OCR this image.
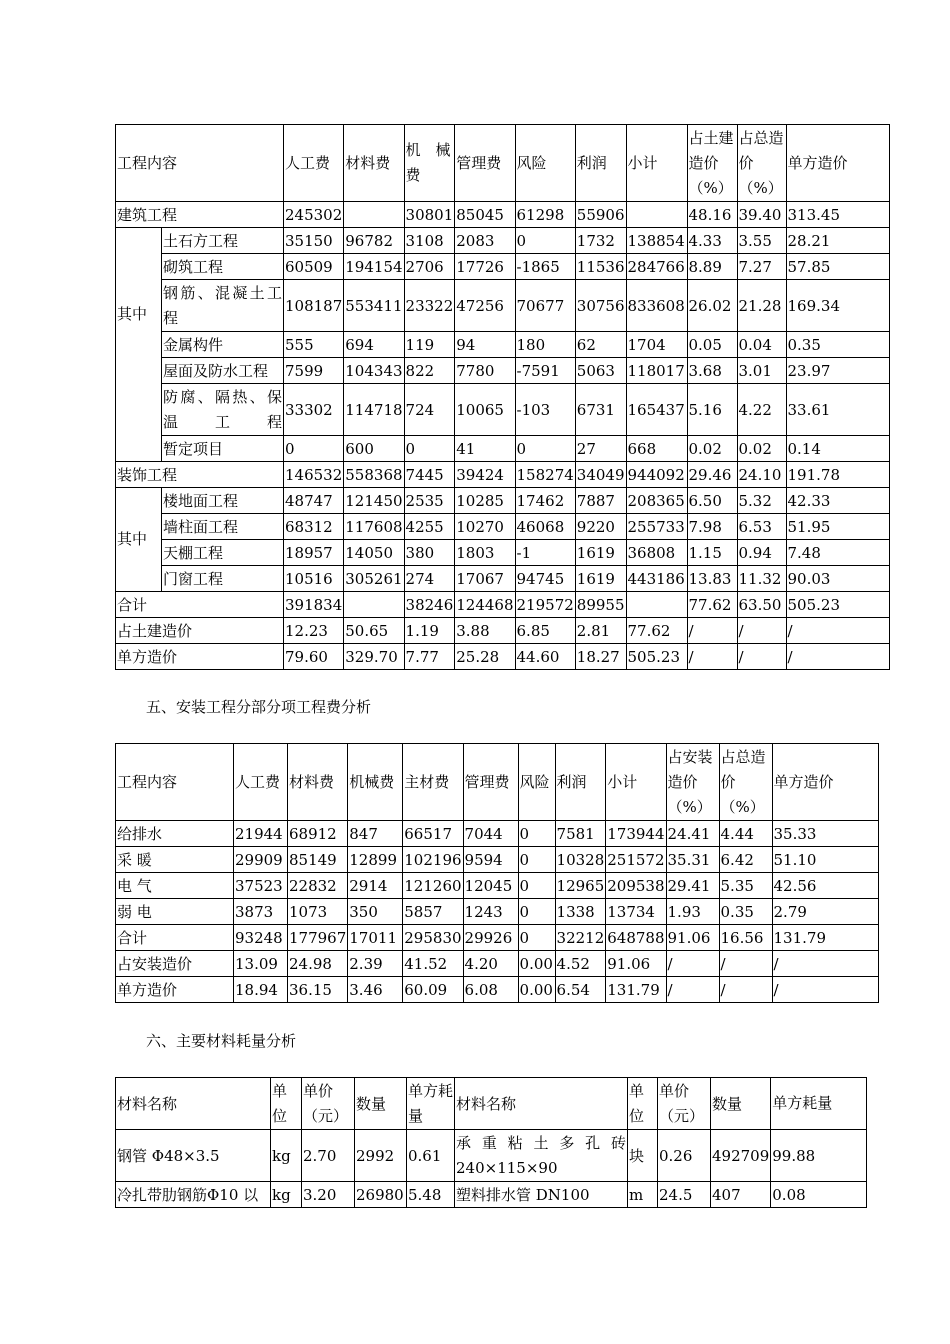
工程内容		人工费	材料费	机　械费	管理费	风险	利润	小计	占土建造价（%）	占总造价（%）	单方造价
建筑工程		245302		30801	85045	61298	55906		48.16	39.40	313.45
其中	土石方工程	35150	96782	3108	2083	0	1732	138854	4.33	3.55	28.21
	砌筑工程	60509	194154	2706	17726	-1865	11536	284766	8.89	7.27	57.85
	钢筋、混凝土工程	108187	553411	23322	47256	70677	30756	833608	26.02	21.28	169.34
	金属构件	555	694	119	94	180	62	1704	0.05	0.04	0.35
	屋面及防水工程	7599	104343	822	7780	-7591	5063	118017	3.68	3.01	23.97
	防腐、隔热、保温工程	33302	114718	724	10065	-103	6731	165437	5.16	4.22	33.61
	暂定项目	0	600	0	41	0	27	668	0.02	0.02	0.14
装饰工程		146532	558368	7445	39424	158274	34049	944092	29.46	24.10	191.78
其中	楼地面工程	48747	121450	2535	10285	17462	7887	208365	6.50	5.32	42.33
	墙柱面工程	68312	117608	4255	10270	46068	9220	255733	7.98	6.53	51.95
	天棚工程	18957	14050	380	1803	-1	1619	36808	1.15	0.94	7.48
	门窗工程	10516	305261	274	17067	94745	1619	443186	13.83	11.32	90.03
合计		391834		38246	124468	219572	89955		77.62	63.50	505.23
占土建造价		12.23	50.65	1.19	3.88	6.85	2.81	77.62	/	/	/
单方造价		79.60	329.70	7.77	25.28	44.60	18.27	505.23	/	/	/
五、安装工程分部分项工程费分析
工程内容	人工费	材料费	机械费	主材费	管理费	风险	利润	小计	占安装造价（%）	占总造价（%）	单方造价
给排水	21944	68912	847	66517	7044	0	7581	173944	24.41	4.44	35.33
采 暖	29909	85149	12899	102196	9594	0	10328	251572	35.31	6.42	51.10
电 气	37523	22832	2914	121260	12045	0	12965	209538	29.41	5.35	42.56
弱 电	3873	1073	350	5857	1243	0	1338	13734	1.93	0.35	2.79
合计	93248	177967	17011	295830	29926	0	32212	648788	91.06	16.56	131.79
占安装造价	13.09	24.98	2.39	41.52	4.20	0.00	4.52	91.06	/	/	/
单方造价	18.94	36.15	3.46	60.09	6.08	0.00	6.54	131.79	/	/	/
六、主要材料耗量分析
材料名称	单位	单价（元）	数量	单方耗量	材料名称	单位	单价（元）	数量	单方耗量
钢管 Φ48×3.5	kg	2.70	2992	0.61	承重粘土多孔砖 240×115×90	块	0.26	492709	99.88
冷扎带肋钢筋Φ10 以	kg	3.20	26980	5.48	塑料排水管 DN100	m	24.5	407	0.08
